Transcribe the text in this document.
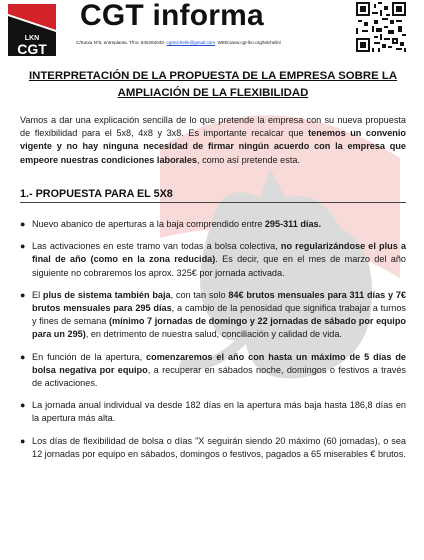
LKN
CGT
CGT informa
C/Kutxa Nº6, entreplanta. Tfno: 945284040 cgtmichelin@gmail.com WEB:www.cgt-lkn.org/Michelin/
INTERPRETACIÓN DE LA PROPUESTA DE LA EMPRESA SOBRE LA
AMPLIACIÓN DE LA FLEXIBILIDAD

Vamos a dar una explicación sencilla de lo que pretende la empresa con su nueva propuesta de flexibilidad para el 5x8, 4x8 y 3x8. Es importante recalcar que tenemos un convenio vigente y no hay ninguna necesidad de firmar ningún acuerdo con la empresa que empeore nuestras condiciones laborales, como así pretende esta.

1.- PROPUESTA PARA EL 5X8
● Nuevo abanico de aperturas a la baja comprendido entre 295-311 días.
● Las activaciones en este tramo van todas a bolsa colectiva, no regularizándose el plus a final de año (como en la zona reducida). Es decir, que en el mes de marzo del año siguiente no cobraremos los aprox. 325€ por jornada activada.
● El plus de sistema también baja, con tan solo 84€ brutos mensuales para 311 días y 7€ brutos mensuales para 295 días, a cambio de la penosidad que significa trabajar a turnos y fines de semana (mínimo 7 jornadas de domingo y 22 jornadas de sábado por equipo para un 295), en detrimento de nuestra salud, conciliación y calidad de vida.
● En función de la apertura, comenzaremos el año con hasta un máximo de 5 días de bolsa negativa por equipo, a recuperar en sábados noche, domingos o festivos a través de activaciones.
● La jornada anual individual va desde 182 días en la apertura más baja hasta 186,8 días en la apertura más alta.
● Los días de flexibilidad de bolsa o días "X seguirán siendo 20 máximo (60 jornadas), o sea 12 jornadas por equipo en sábados, domingos o festivos, pagados a 65 miserables € brutos.
